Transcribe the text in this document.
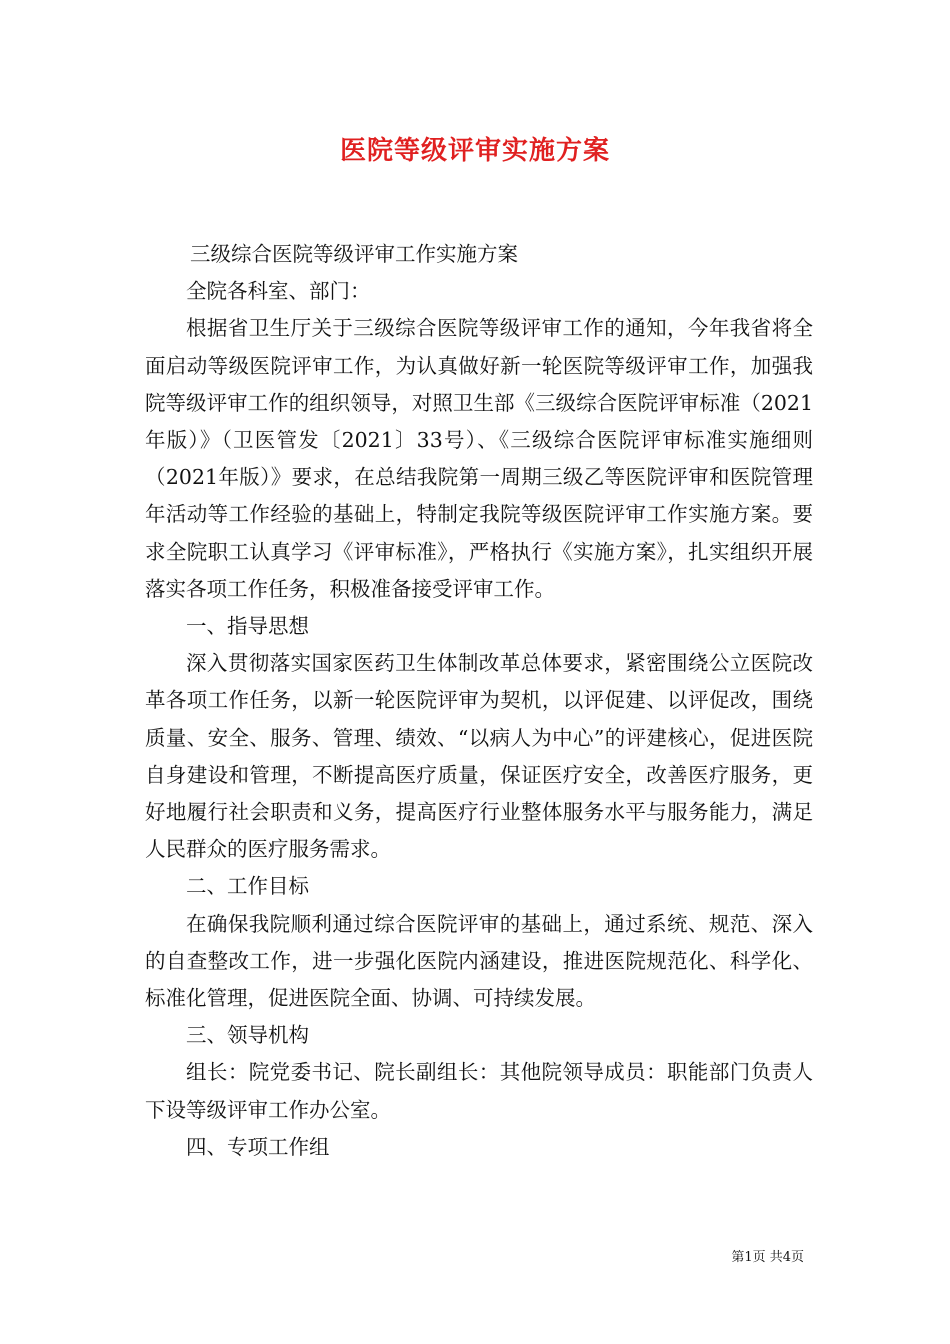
医院等级评审实施方案

三级综合医院等级评审工作实施方案

全院各科室、部门：

根据省卫生厅关于三级综合医院等级评审工作的通知，今年我省将全面启动等级医院评审工作，为认真做好新一轮医院等级评审工作，加强我院等级评审工作的组织领导，对照卫生部《三级综合医院评审标准（2021年版）》（卫医管发〔2021〕33号）、《三级综合医院评审标准实施细则（2021年版）》要求，在总结我院第一周期三级乙等医院评审和医院管理年活动等工作经验的基础上，特制定我院等级医院评审工作实施方案。要求全院职工认真学习《评审标准》，严格执行《实施方案》，扎实组织开展落实各项工作任务，积极准备接受评审工作。

一、指导思想

深入贯彻落实国家医药卫生体制改革总体要求，紧密围绕公立医院改革各项工作任务，以新一轮医院评审为契机，以评促建、以评促改，围绕质量、安全、服务、管理、绩效、“以病人为中心”的评建核心，促进医院自身建设和管理，不断提高医疗质量，保证医疗安全，改善医疗服务，更好地履行社会职责和义务，提高医疗行业整体服务水平与服务能力，满足人民群众的医疗服务需求。

二、工作目标

在确保我院顺利通过综合医院评审的基础上，通过系统、规范、深入的自查整改工作，进一步强化医院内涵建设，推进医院规范化、科学化、标准化管理，促进医院全面、协调、可持续发展。

三、领导机构

组长：院党委书记、院长副组长：其他院领导成员：职能部门负责人下设等级评审工作办公室。

四、专项工作组

第1页 共4页
